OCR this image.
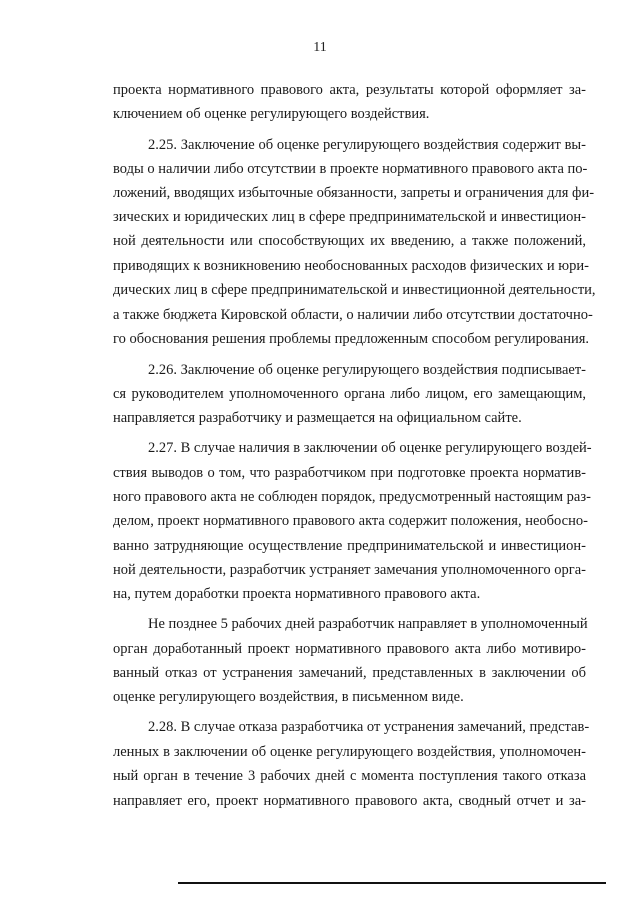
11
проекта нормативного правового акта, результаты которой оформляет за-
ключением об оценке регулирующего воздействия.
2.25. Заключение об оценке регулирующего воздействия содержит вы-
воды о наличии либо отсутствии в проекте нормативного правового акта по-
ложений, вводящих избыточные обязанности, запреты и ограничения для фи-
зических и юридических лиц в сфере предпринимательской и инвестицион-
ной деятельности или способствующих их введению, а также положений,
приводящих к возникновению необоснованных расходов физических и юри-
дических лиц в сфере предпринимательской и инвестиционной деятельности,
а также бюджета Кировской области, о наличии либо отсутствии достаточно-
го обоснования решения проблемы предложенным способом регулирования.
2.26. Заключение об оценке регулирующего воздействия подписывает-
ся руководителем уполномоченного органа либо лицом, его замещающим,
направляется разработчику и размещается на официальном сайте.
2.27. В случае наличия в заключении об оценке регулирующего воздей-
ствия выводов о том, что разработчиком при подготовке проекта норматив-
ного правового акта не соблюден порядок, предусмотренный настоящим раз-
делом, проект нормативного правового акта содержит положения, необосно-
ванно затрудняющие осуществление предпринимательской и инвестицион-
ной деятельности, разработчик устраняет замечания уполномоченного орга-
на, путем доработки проекта нормативного правового акта.
Не позднее 5 рабочих дней разработчик направляет в уполномоченный
орган доработанный проект нормативного правового акта либо мотивиро-
ванный отказ от устранения замечаний, представленных в заключении об
оценке регулирующего воздействия, в письменном виде.
2.28. В случае отказа разработчика от устранения замечаний, представ-
ленных в заключении об оценке регулирующего воздействия, уполномочен-
ный орган в течение 3 рабочих дней с момента поступления такого отказа
направляет его, проект нормативного правового акта, сводный отчет и за-
